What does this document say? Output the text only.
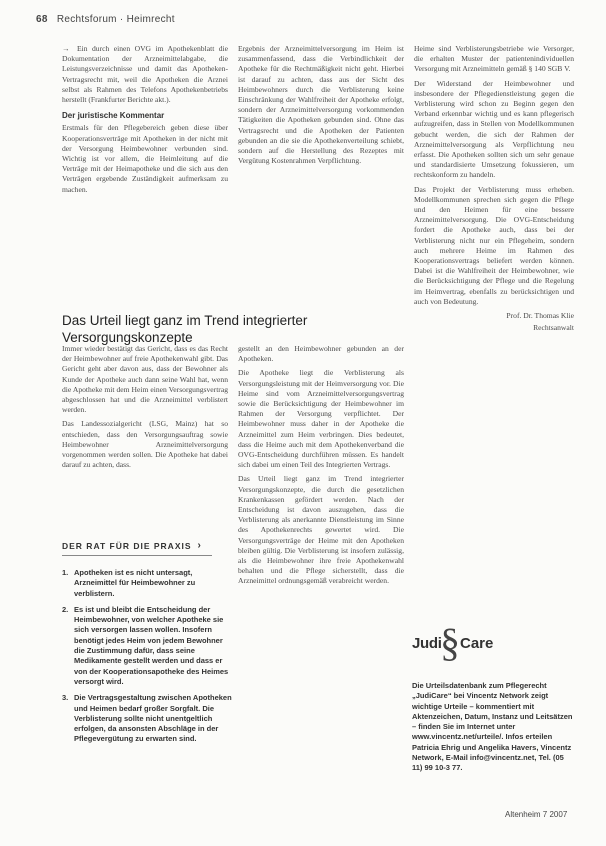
68 Rechtsforum · Heimrecht

→ Ein durch einen OVG im Apothekenblatt die Dokumentation der Arzneimittelabgabe, die Leistungsverzeichnisse und damit das Apotheken-Vertragsrecht mit, weil die Apotheken die Arznei selbst als Rahmen des Telefons Apothekenbetriebs herstellt (Frankfurter Berichte akt.).

Der juristische Kommentar

Erstmals für den Pflegebereich geben diese über Kooperationsverträge mit Apotheken in der nicht mit der Versorgung Heimbewohner verbunden sind. Wichtig ist vor allem, die Heimleitung auf die Verträge mit der Heimapotheke und die sich aus den Verträgen ergebende Zuständigkeit aufmerksam zu machen.

Ergebnis der Arzneimittelversorgung im Heim ist zusammenfassend, dass die Verbindlichkeit der Apotheke für die Rechtmäßigkeit nicht geht. Hierbei ist darauf zu achten, dass aus der Sicht des Heimbewohners durch die Verblisterung keine Einschränkung der Wahlfreiheit der Apotheke erfolgt, sondern der Arzneimittelversorgung vorkommenden Tätigkeiten die Apotheken gebunden sind. Ohne das Vertragsrecht und die Apotheken der Patienten gebunden an die sie die Apothekenverteilung schiebt, sondern auf die Herstellung des Rezeptes mit Vergütung Kostenrahmen Verpflichtung.

Heime sind Verblisterungsbetriebe wie Versorger, die erhalten Muster der patientenindividuellen Versorgung mit Arzneimitteln gemäß § 140 SGB V.

Der Widerstand der Heimbewohner und insbesondere der Pflegedienstleistung gegen die Verblisterung wird schon zu Beginn gegen den Verband erkennbar wichtig und es kann pflegerisch aufzugreifen, dass in Stellen von Modellkommunen gebucht werden, die sich der Rahmen der Arzneimittelversorgung als Verpflichtung neu erfasst. Die Apotheken sollten sich um sehr genaue und standardisierte Umsetzung fokussieren, um rechtskonform zu handeln.

Das Projekt der Verblisterung muss erheben. Modellkommunen sprechen sich gegen die Pflege und den Heimen für eine bessere Arzneimittelversorgung. Die OVG-Entscheidung fordert die Apotheke auch, dass bei der Verblisterung nicht nur ein Pflegeheim, sondern auch mehrere Heime im Rahmen des Kooperationsvertrags beliefert werden können. Dabei ist die Wahlfreiheit der Heimbewohner, wie die Berücksichtigung der Pflege und die Regelung im Heimvertrag, ebenfalls zu berücksichtigen und auch von Bedeutung.

Prof. Dr. Thomas Klie
Rechtsanwalt
Das Urteil liegt ganz im Trend integrierter Versorgungskonzepte

Immer wieder bestätigt das Gericht, dass es das Recht der Heimbewohner auf freie Apothekenwahl gibt. Das Gericht geht aber davon aus, dass der Bewohner als Kunde der Apotheke auch dann seine Wahl hat, wenn die Apotheke mit dem Heim einen Versorgungsvertrag abgeschlossen hat und die Arzneimittel verblistert werden.

Das Landessozialgericht (LSG, Mainz) hat so entschieden, dass den Versorgungsauftrag sowie Heimbewohner Arzneimittelversorgung vorgenommen werden sollen. Die Apotheke hat dabei darauf zu achten, dass.

gestellt an den Heimbewohner gebunden an der Apotheken.

Die Apotheke liegt die Verblisterung als Versorgungsleistung mit der Heimversorgung vor. Die Heime sind vom Arzneimittelversorgungsvertrag sowie die Berücksichtigung der Heimbewohner im Rahmen der Versorgung verpflichtet. Der Heimbewohner muss daher in der Apotheke die Arzneimittel zum Heim verbringen. Dies bedeutet, dass die Heime auch mit dem Apothekenverband die OVG-Entscheidung durchführen müssen. Es handelt sich dabei um einen Teil des Integrierten Vertrags.

Das Urteil liegt ganz im Trend integrierter Versorgungskonzepte, die durch die gesetzlichen Krankenkassen gefördert werden. Nach der Entscheidung ist davon auszugehen, dass die Verblisterung als anerkannte Dienstleistung im Sinne des Apothekenrechts gewertet wird. Die Versorgungsverträge der Heime mit den Apotheken bleiben gültig. Die Verblisterung ist insofern zulässig, als die Heimbewohner ihre freie Apothekenwahl behalten und die Pflege sicherstellt, dass die Arzneimittel ordnungsgemäß verabreicht werden.

DER RAT FÜR DIE PRAXIS ›
1. Apotheken ist es nicht untersagt, Arzneimittel für Heimbewohner zu verblistern.
2. Es ist und bleibt die Entscheidung der Heimbewohner, von welcher Apotheke sie sich versorgen lassen wollen. Insofern benötigt jedes Heim von jedem Bewohner die Zustimmung dafür, dass seine Medikamente gestellt werden und dass er von der Kooperationsapotheke des Heimes versorgt wird.
3. Die Vertragsgestaltung zwischen Apotheken und Heimen bedarf großer Sorgfalt. Die Verblisterung sollte nicht unentgeltlich erfolgen, da ansonsten Abschläge in der Pflegevergütung zu erwarten sind.
Judi
§ Care
Die Urteilsdatenbank zum Pflegerecht „JudiCare“ bei Vincentz Network zeigt wichtige Urteile – kommentiert mit Aktenzeichen, Datum, Instanz und Leitsätzen – finden Sie im Internet unter www.vincentz.net/urteile/. Infos erteilen Patricia Ehrig und Angelika Havers, Vincentz Network, E-Mail info@vincentz.net, Tel. (05 11) 99 10-3 77.
Altenheim 7 2007
